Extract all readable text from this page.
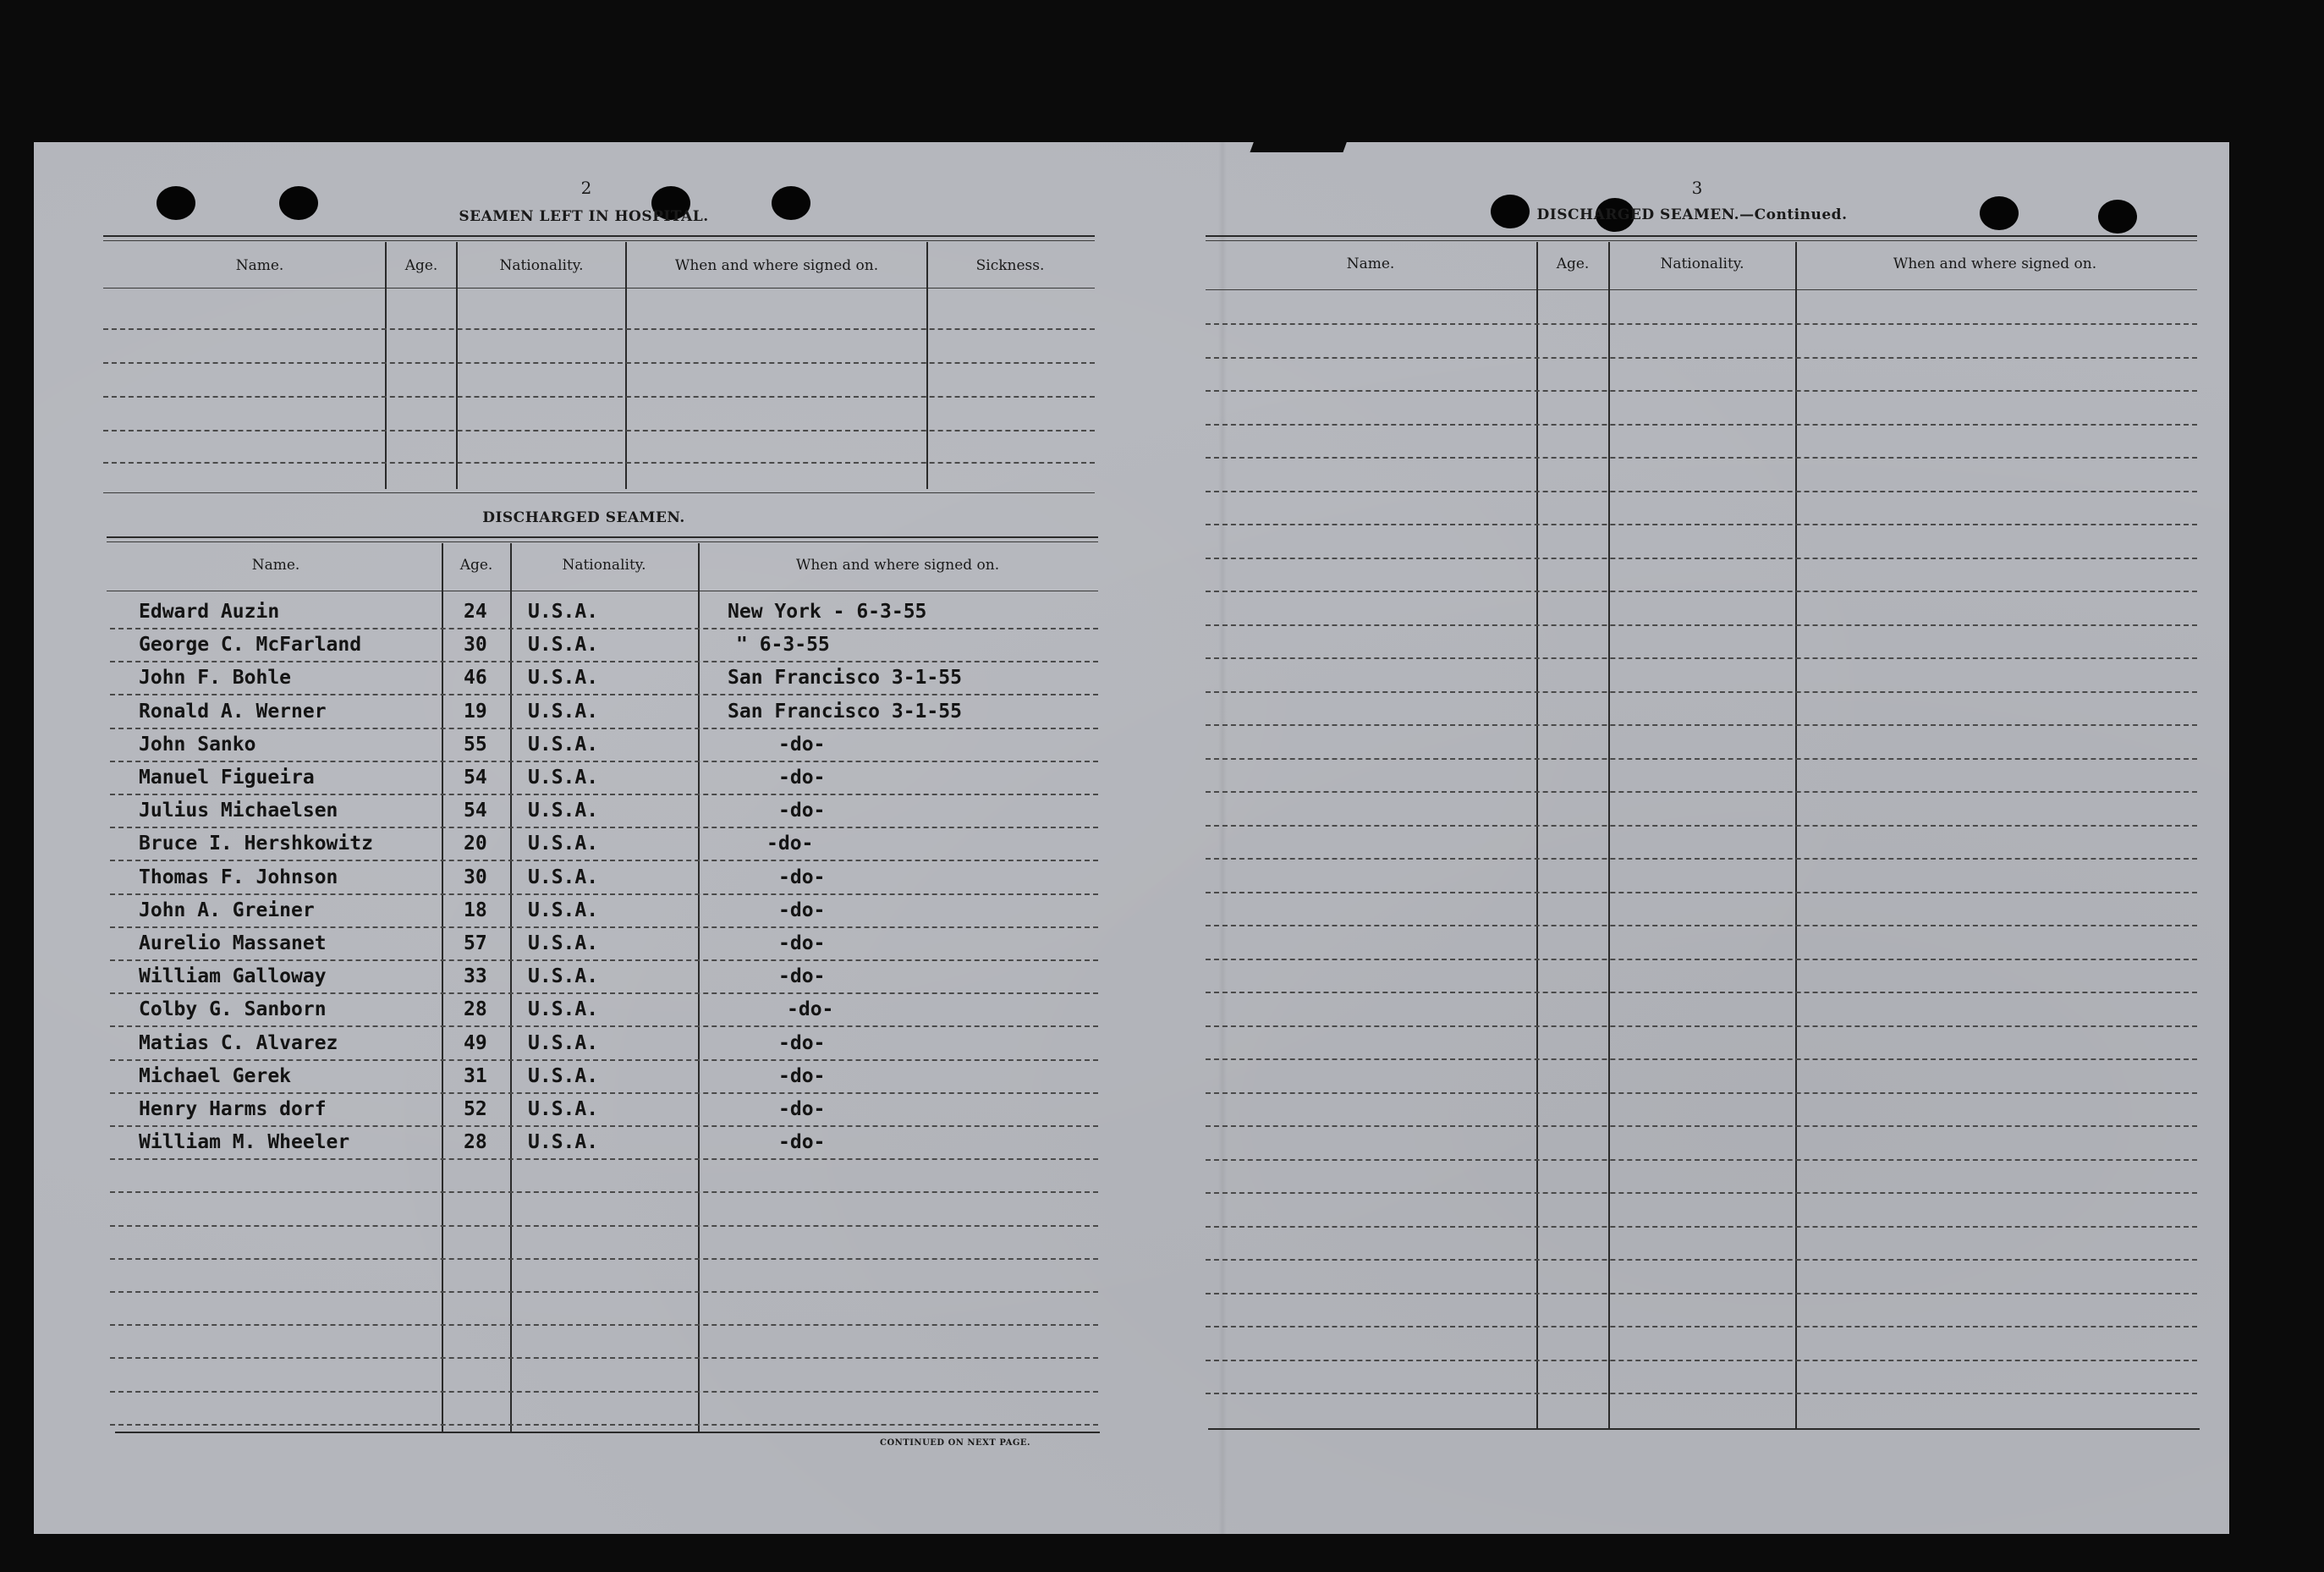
2
SEAMEN LEFT IN HOSPITAL.
Name.	Age.	Nationality.	When and where signed on.	Sickness.
DISCHARGED SEAMEN.
Name.	Age.	Nationality.	When and where signed on.
Edward Auzin	24 U.S.A.	New York - 6-3-55
George C. McFarland	30 U.S.A.	" 6-3-55
John F. Bohle	46 U.S.A.	San Francisco 3-1-55
Ronald A. Werner	19 U.S.A.	San Francisco 3-1-55
John Sanko	55 U.S.A.	-do-
Manuel Figueira	54 U.S.A.	-do-
Julius Michaelsen	54 U.S.A.	-do-
Bruce I. Hershkowitz	20 U.S.A.	-do-
Thomas F. Johnson	30 U.S.A.	-do-
John A. Greiner	18 U.S.A.	-do-
Aurelio Massanet	57 U.S.A.	-do-
William Galloway	33 U.S.A.	-do-
Colby G. Sanborn	28 U.S.A.	-do-
Matias C. Alvarez	49 U.S.A.	-do-
Michael Gerek	31 U.S.A.	-do-
Henry Harms dorf	52 U.S.A.	-do-
William M. Wheeler	28 U.S.A.	-do-
CONTINUED ON NEXT PAGE.
3
DISCHARGED SEAMEN.—Continued.
Name.	Age.	Nationality.	When and where signed on.
